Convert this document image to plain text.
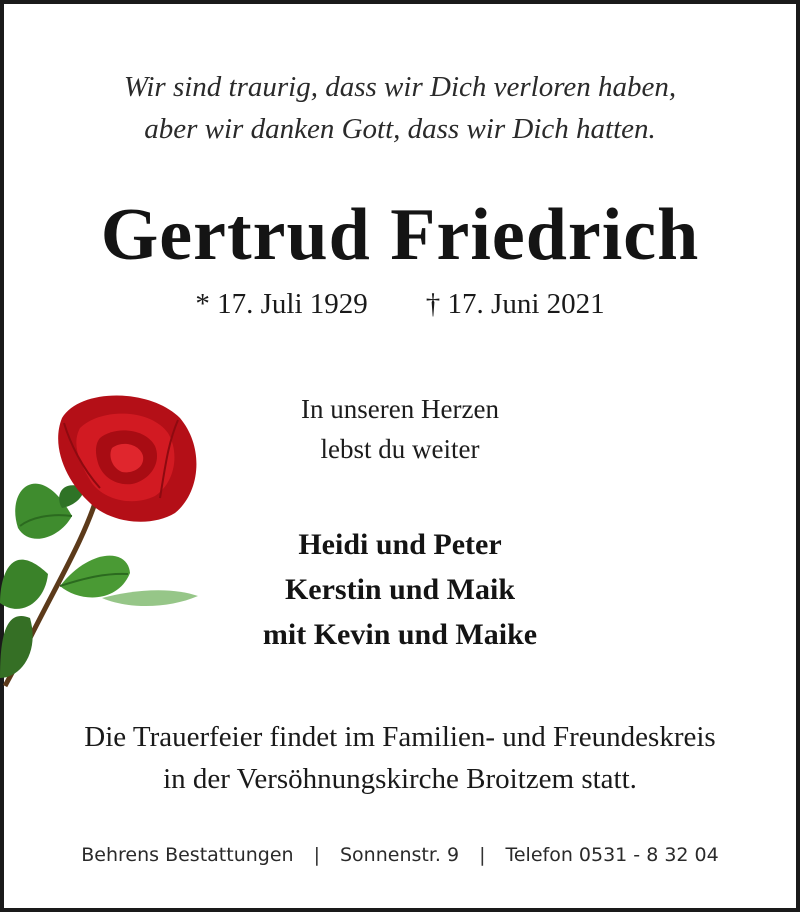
Wir sind traurig, dass wir Dich verloren haben,
aber wir danken Gott, dass wir Dich hatten.
Gertrud Friedrich
* 17. Juli 1929 † 17. Juni 2021
In unseren Herzen
lebst du weiter
Heidi und Peter
Kerstin und Maik
mit Kevin und Maike
Die Trauerfeier findet im Familien- und Freundeskreis
in der Versöhnungskirche Broitzem statt.
Behrens Bestattungen | Sonnenstr. 9 | Telefon 0531 - 8 32 04
